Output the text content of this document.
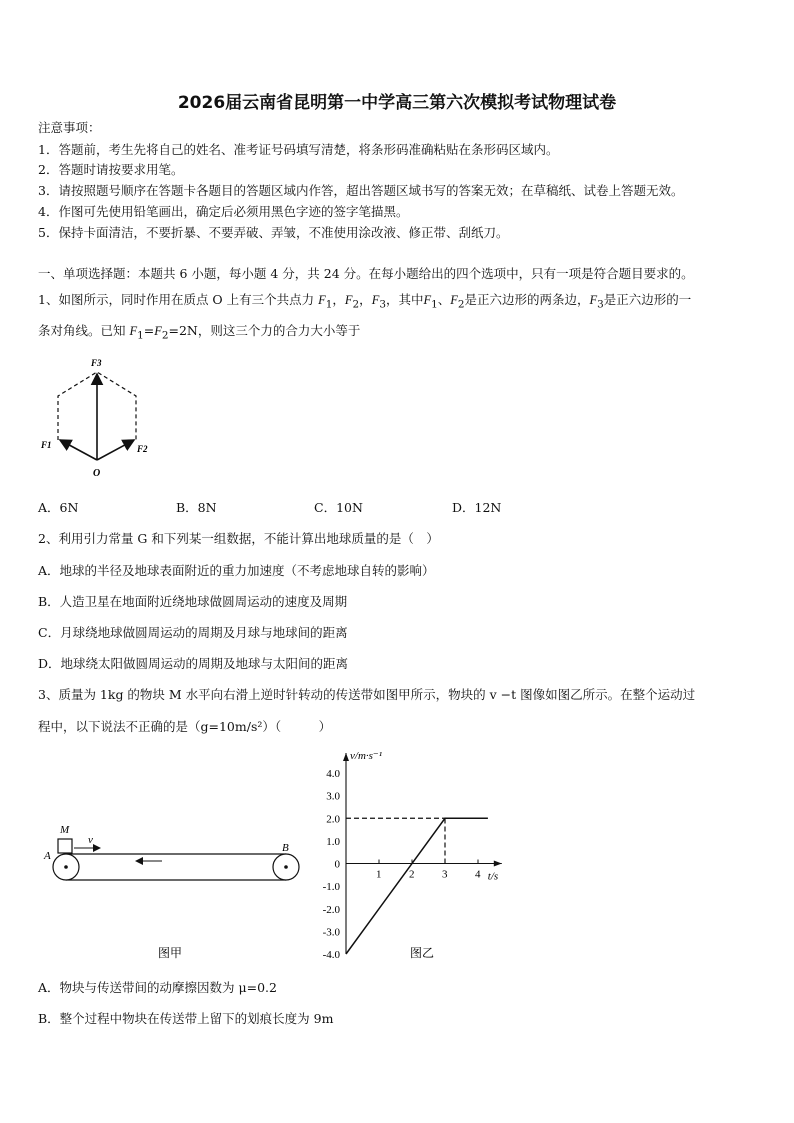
2026届云南省昆明第一中学高三第六次模拟考试物理试卷
注意事项：
1．答题前，考生先将自己的姓名、准考证号码填写清楚，将条形码准确粘贴在条形码区域内。
2．答题时请按要求用笔。
3．请按照题号顺序在答题卡各题目的答题区域内作答，超出答题区域书写的答案无效；在草稿纸、试卷上答题无效。
4．作图可先使用铅笔画出，确定后必须用黑色字迹的签字笔描黑。
5．保持卡面清洁，不要折暴、不要弄破、弄皱，不准使用涂改液、修正带、刮纸刀。
一、单项选择题：本题共 6 小题，每小题 4 分，共 24 分。在每小题给出的四个选项中，只有一项是符合题目要求的。
1、如图所示，同时作用在质点 O 上有三个共点力 $F_1$，$F_2$，$F_3$，其中$F_1$、$F_2$是正六边形的两条边，$F_3$是正六边形的一
条对角线。已知 $F_1=F_2=2N$，则这三个力的合力大小等于
F3
F1	F2
O
A．6N	B．8N	C．10N	D．12N
2、利用引力常量 G 和下列某一组数据，不能计算出地球质量的是（　）
A．地球的半径及地球表面附近的重力加速度（不考虑地球自转的影响）
B．人造卫星在地面附近绕地球做圆周运动的速度及周期
C．月球绕地球做圆周运动的周期及月球与地球间的距离
D．地球绕太阳做圆周运动的周期及地球与太阳间的距离
3、质量为 1kg 的物块 M 水平向右滑上逆时针转动的传送带如图甲所示，物块的 v −t 图像如图乙所示。在整个运动过
程中，以下说法不正确的是（g=10m/s²）（　　　）
M
v
A
B
图甲
4.0
3.0
2.0
1.0
0
-1.0
-2.0
-3.0
-4.0
1	2	3	4
v/m·s⁻¹
t/s
图乙
A．物块与传送带间的动摩擦因数为 μ=0.2
B．整个过程中物块在传送带上留下的划痕长度为 9m
